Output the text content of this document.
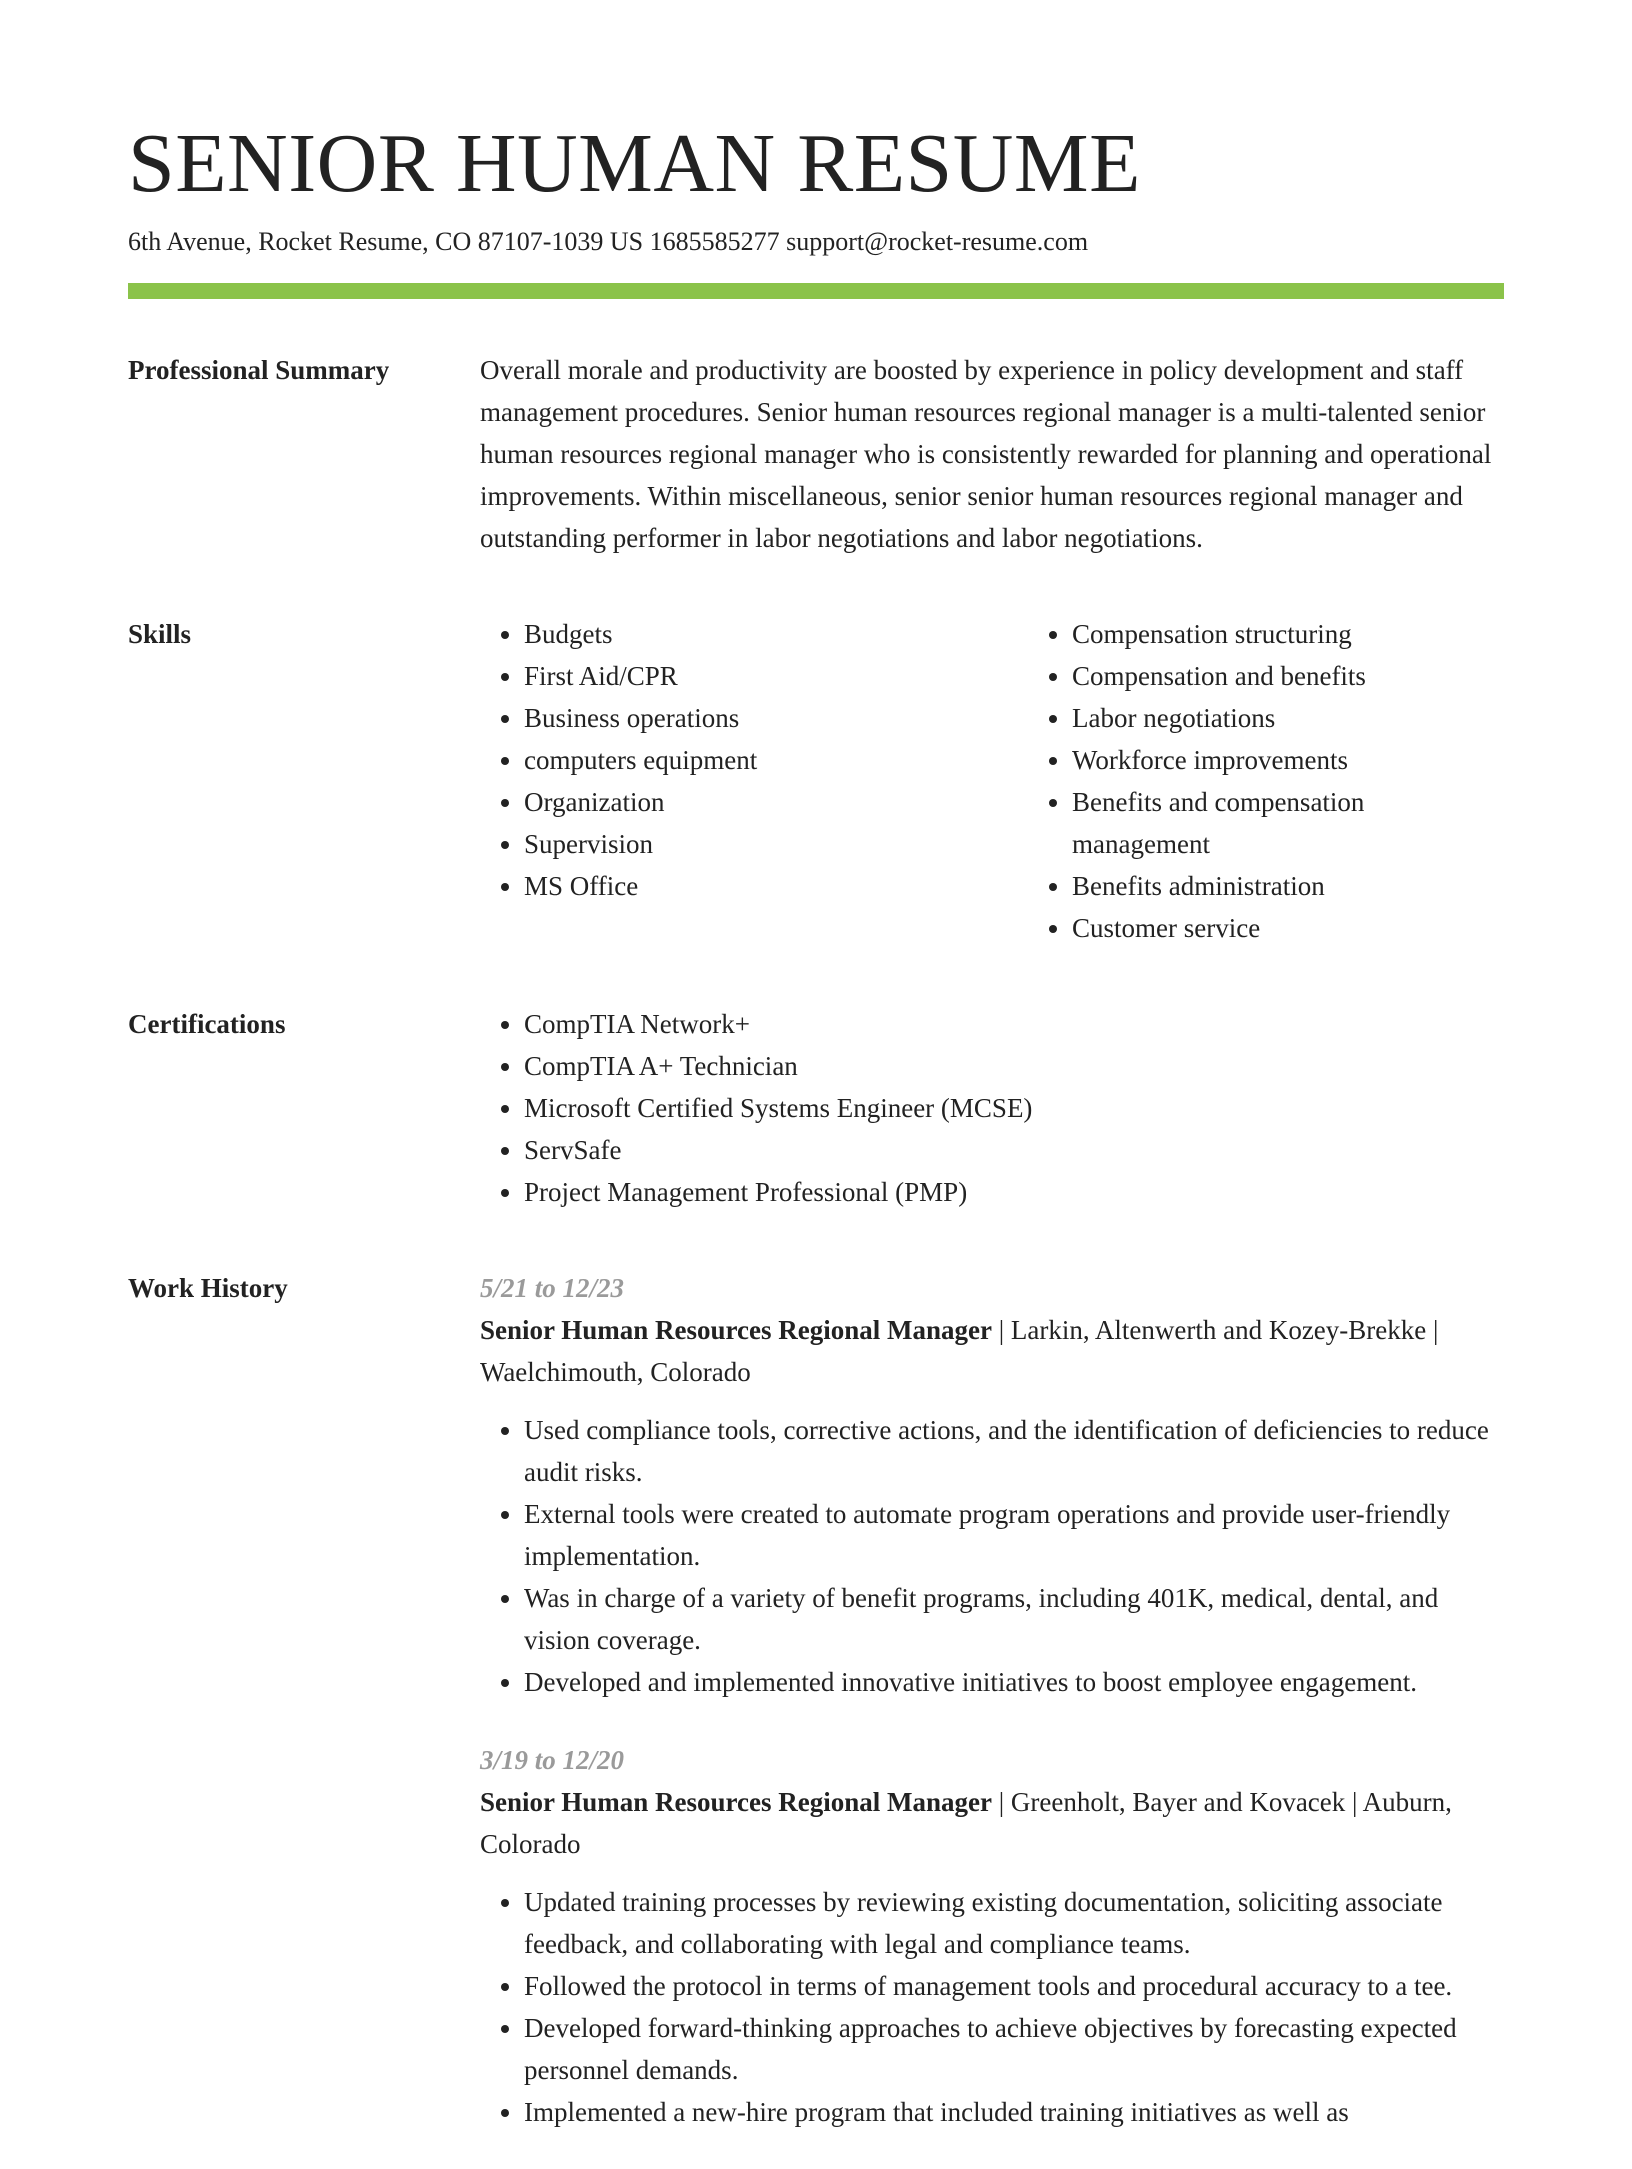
SENIOR HUMAN RESUME
6th Avenue, Rocket Resume, CO 87107-1039 US 1685585277 support@rocket-resume.com
Professional Summary	Overall morale and productivity are boosted by experience in policy development and staff management procedures. Senior human resources regional manager is a multi-talented senior human resources regional manager who is consistently rewarded for planning and operational improvements. Within miscellaneous, senior senior human resources regional manager and outstanding performer in labor negotiations and labor negotiations.

Skills	• Budgets
• First Aid/CPR
• Business operations
• computers equipment
• Organization
• Supervision
• MS Office
• Compensation structuring
• Compensation and benefits
• Labor negotiations
• Workforce improvements
• Benefits and compensation management
• Benefits administration
• Customer service
Certifications	• CompTIA Network+
• CompTIA A+ Technician
• Microsoft Certified Systems Engineer (MCSE)
• ServSafe
• Project Management Professional (PMP)
Work History	5/21 to 12/23
Senior Human Resources Regional Manager | Larkin, Altenwerth and Kozey-Brekke | Waelchimouth, Colorado
• Used compliance tools, corrective actions, and the identification of deficiencies to reduce audit risks.
• External tools were created to automate program operations and provide user-friendly implementation.
• Was in charge of a variety of benefit programs, including 401K, medical, dental, and vision coverage.
• Developed and implemented innovative initiatives to boost employee engagement.
3/19 to 12/20
Senior Human Resources Regional Manager | Greenholt, Bayer and Kovacek | Auburn, Colorado
• Updated training processes by reviewing existing documentation, soliciting associate feedback, and collaborating with legal and compliance teams.
• Followed the protocol in terms of management tools and procedural accuracy to a tee.
• Developed forward-thinking approaches to achieve objectives by forecasting expected personnel demands.
• Implemented a new-hire program that included training initiatives as well as
